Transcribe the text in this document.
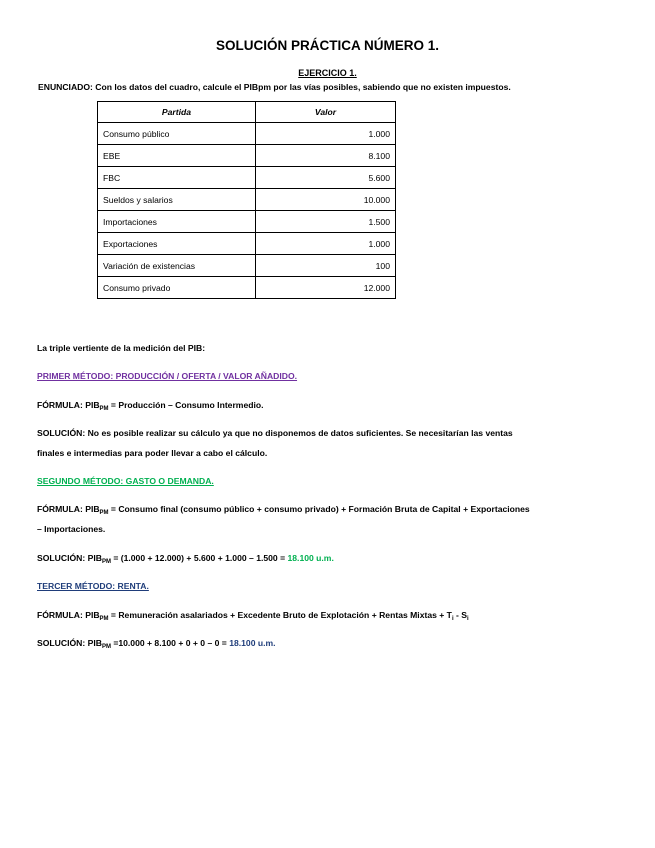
SOLUCIÓN PRÁCTICA NÚMERO 1.
EJERCICIO 1.
ENUNCIADO: Con los datos del cuadro, calcule el PIBpm por las vías posibles, sabiendo que no existen impuestos.
Partida	Valor
Consumo público	1.000
EBE	8.100
FBC	5.600
Sueldos y salarios	10.000
Importaciones	1.500
Exportaciones	1.000
Variación de existencias	100
Consumo privado	12.000
La triple vertiente de la medición del PIB:
PRIMER MÉTODO: PRODUCCIÓN / OFERTA / VALOR AÑADIDO.
FÓRMULA: $PIB_{PM}$ = Producción – Consumo Intermedio.
SOLUCIÓN: No es posible realizar su cálculo ya que no disponemos de datos suficientes. Se necesitarían las ventas
finales e intermedias para poder llevar a cabo el cálculo.
SEGUNDO MÉTODO: GASTO O DEMANDA.
FÓRMULA: $PIB_{PM}$ = Consumo final (consumo público + consumo privado) + Formación Bruta de Capital + Exportaciones
– Importaciones.
SOLUCIÓN: $PIB_{PM} = (1.000 + 12.000) + 5.600 + 1.000 - 1.500 = 18.100$ u.m.
TERCER MÉTODO: RENTA.
FÓRMULA: $PIB_{PM}$ = Remuneración asalariados + Excedente Bruto de Explotación + Rentas Mixtas + $T_i - S_i$
SOLUCIÓN: $PIB_{PM} =10.000 + 8.100 + 0 + 0 - 0 = 18.100$ u.m.
